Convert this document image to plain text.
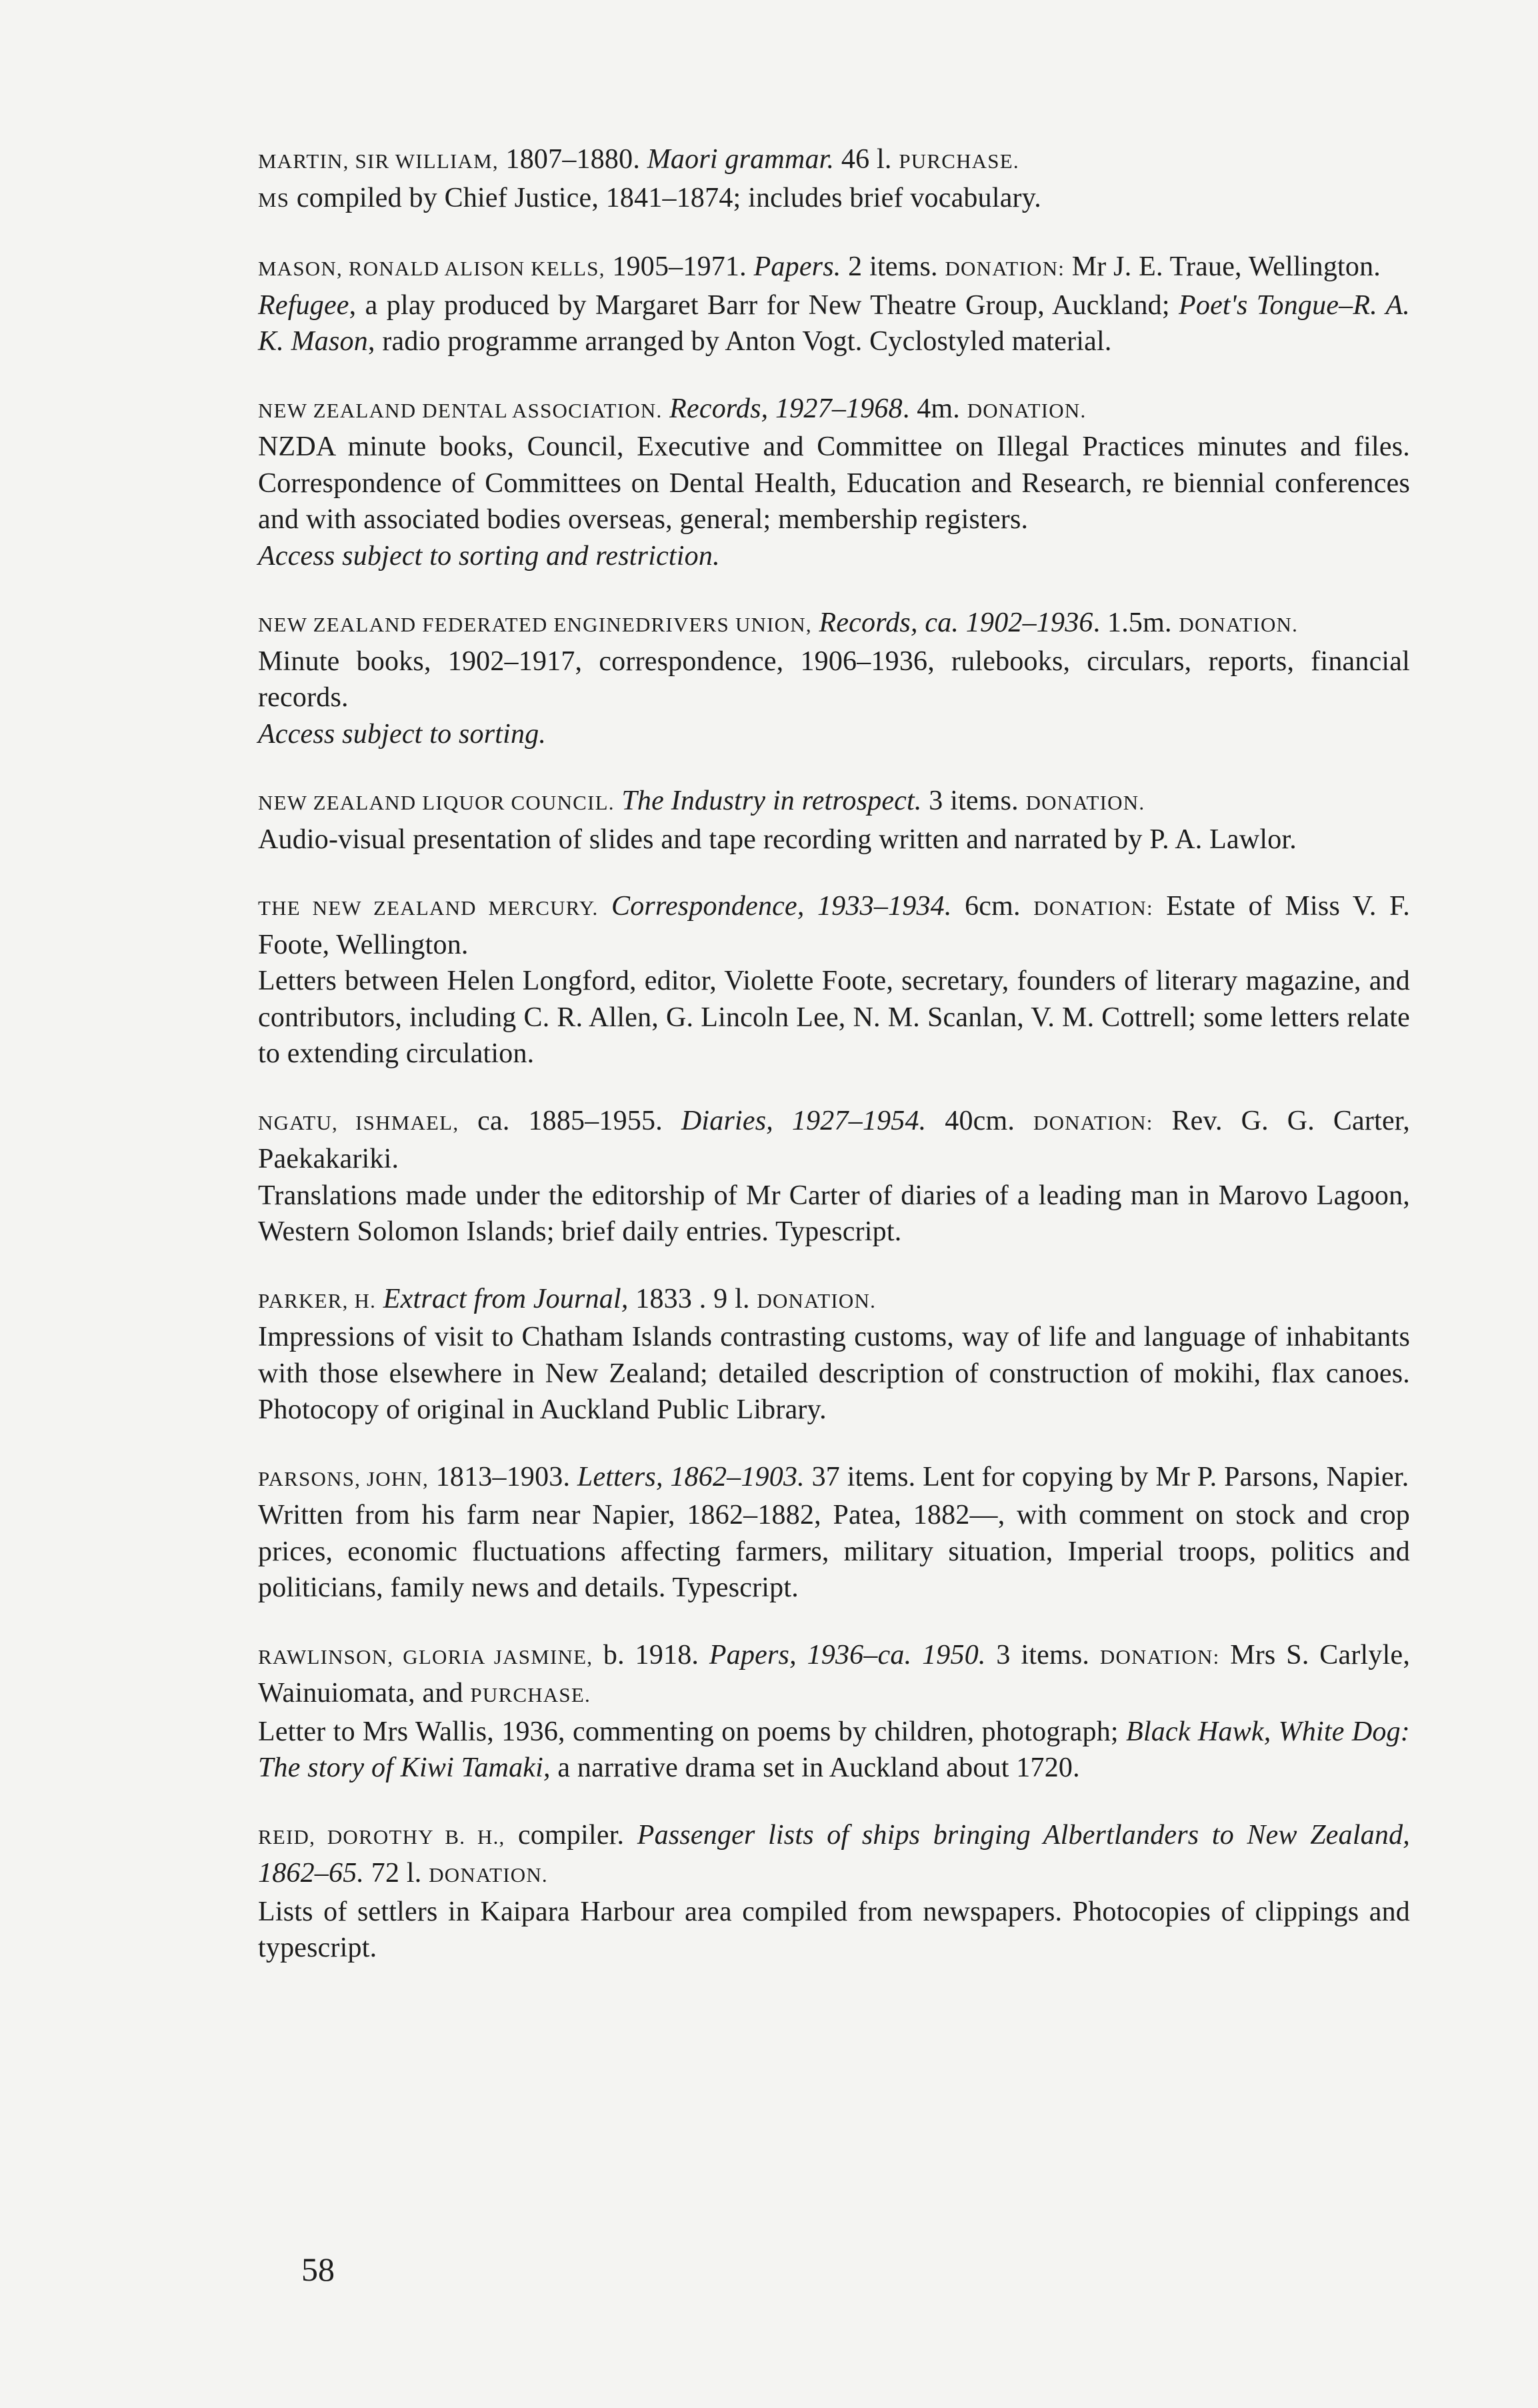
MARTIN, SIR WILLIAM, 1807–1880. Maori grammar. 46 l. PURCHASE.

MS compiled by Chief Justice, 1841–1874; includes brief vocabulary.

MASON, RONALD ALISON KELLS, 1905–1971. Papers. 2 items. DONATION: Mr J. E. Traue, Wellington.

Refugee, a play produced by Margaret Barr for New Theatre Group, Auckland; Poet's Tongue–R. A. K. Mason, radio programme arranged by Anton Vogt. Cyclostyled material.

NEW ZEALAND DENTAL ASSOCIATION. Records, 1927–1968. 4m. DONATION.

NZDA minute books, Council, Executive and Committee on Illegal Practices minutes and files. Correspondence of Committees on Dental Health, Education and Research, re biennial conferences and with associated bodies overseas, general; membership registers.

Access subject to sorting and restriction.

NEW ZEALAND FEDERATED ENGINEDRIVERS UNION, Records, ca. 1902–1936. 1.5m. DONATION.

Minute books, 1902–1917, correspondence, 1906–1936, rulebooks, circulars, reports, financial records.

Access subject to sorting.

NEW ZEALAND LIQUOR COUNCIL. The Industry in retrospect. 3 items. DONATION.

Audio-visual presentation of slides and tape recording written and narrated by P. A. Lawlor.

THE NEW ZEALAND MERCURY. Correspondence, 1933–1934. 6cm. DONATION: Estate of Miss V. F. Foote, Wellington.

Letters between Helen Longford, editor, Violette Foote, secretary, founders of literary magazine, and contributors, including C. R. Allen, G. Lincoln Lee, N. M. Scanlan, V. M. Cottrell; some letters relate to extending circulation.

NGATU, ISHMAEL, ca. 1885–1955. Diaries, 1927–1954. 40cm. DONATION: Rev. G. G. Carter, Paekakariki.

Translations made under the editorship of Mr Carter of diaries of a leading man in Marovo Lagoon, Western Solomon Islands; brief daily entries. Typescript.

PARKER, H. Extract from Journal, 1833 . 9 l. DONATION.

Impressions of visit to Chatham Islands contrasting customs, way of life and language of inhabitants with those elsewhere in New Zealand; detailed description of construction of mokihi, flax canoes. Photocopy of original in Auckland Public Library.

PARSONS, JOHN, 1813–1903. Letters, 1862–1903. 37 items. Lent for copying by Mr P. Parsons, Napier.

Written from his farm near Napier, 1862–1882, Patea, 1882—, with comment on stock and crop prices, economic fluctuations affecting farmers, military situation, Imperial troops, politics and politicians, family news and details. Typescript.

RAWLINSON, GLORIA JASMINE, b. 1918. Papers, 1936–ca. 1950. 3 items. DONATION: Mrs S. Carlyle, Wainuiomata, and PURCHASE.

Letter to Mrs Wallis, 1936, commenting on poems by children, photograph; Black Hawk, White Dog: The story of Kiwi Tamaki, a narrative drama set in Auckland about 1720.

REID, DOROTHY B. H., compiler. Passenger lists of ships bringing Albertlanders to New Zealand, 1862–65. 72 l. DONATION.

Lists of settlers in Kaipara Harbour area compiled from newspapers. Photocopies of clippings and typescript.

58
